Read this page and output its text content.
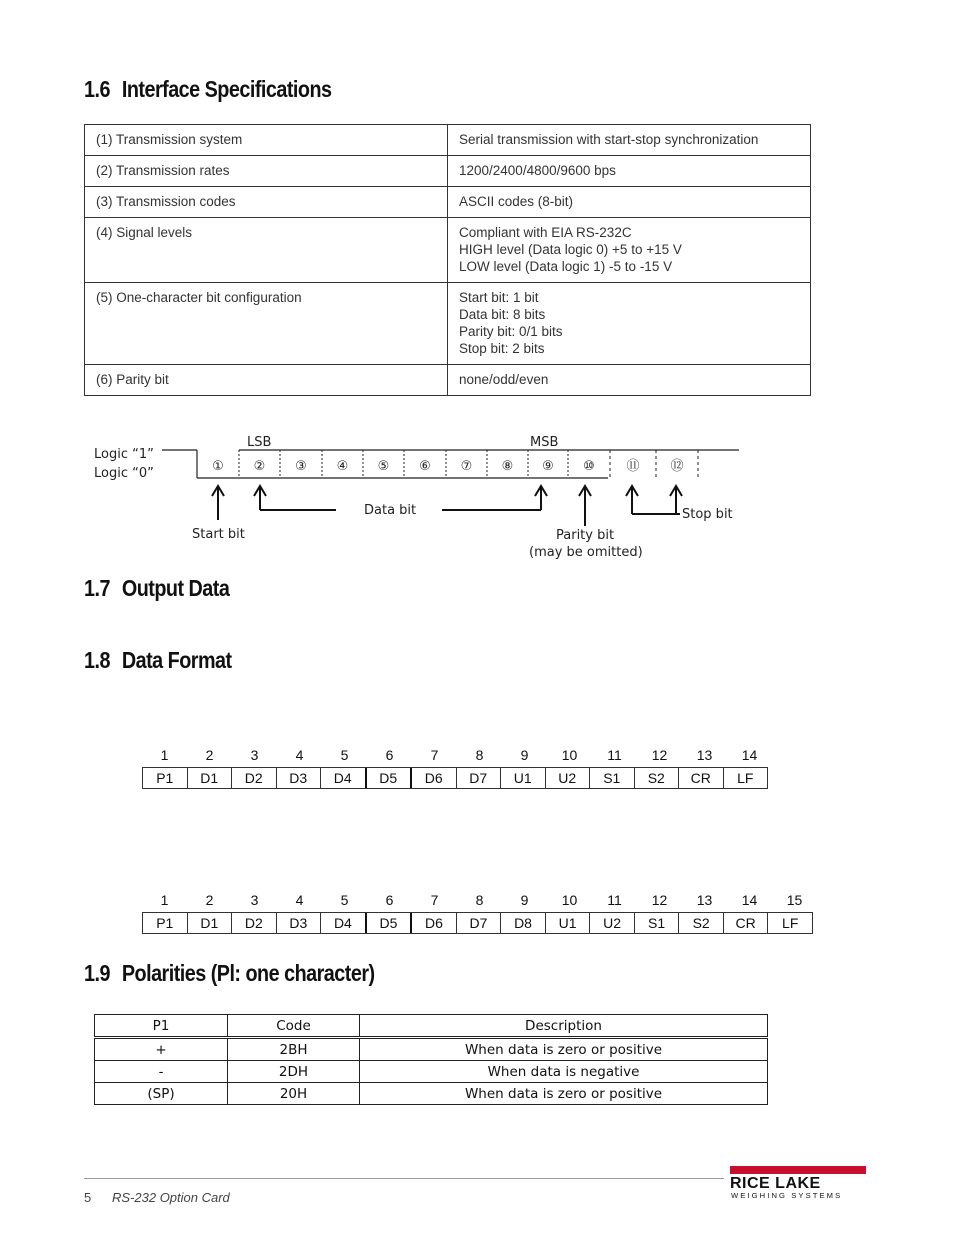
1.6 Interface Specifications
(1) Transmission system	Serial transmission with start-stop synchronization

(2) Transmission rates	1200/2400/4800/9600 bps

(3) Transmission codes	ASCII codes (8-bit)

(4) Signal levels	Compliant with EIA RS-232C
HIGH level (Data logic 0) +5 to +15 V
LOW level (Data logic 1) -5 to -15 V

(5) One-character bit configuration	Start bit: 1 bit
Data bit: 8 bits
Parity bit: 0/1 bits
Stop bit: 2 bits

(6) Parity bit	none/odd/even
Logic “1”
Logic “0”	① ② ③ ④ ⑤ ⑥ ⑦ ⑧ ⑨ ⑩ ⑪ ⑫
LSB	MSB
Start bit
Data bit
Parity bit
(may be omitted)
Stop bit
1.7 Output Data
1.8 Data Format
1	2	3	4	5	6	7	8	9	10	11	12	13	14
P1	D1	D2	D3	D4	D5	D6	D7	U1	U2	S1	S2	CR	LF
1	2	3	4	5	6	7	8	9	10	11	12	13	14	15
P1	D1	D2	D3	D4	D5	D6	D7	D8	U1	U2	S1	S2	CR	LF
1.9 Polarities (Pl: one character)
P1	Code	Description
+	2BH	When data is zero or positive
-	2DH	When data is negative
(SP)	20H	When data is zero or positive
5 RS-232 Option Card
RICE LAKE
WEIGHING SYSTEMS
